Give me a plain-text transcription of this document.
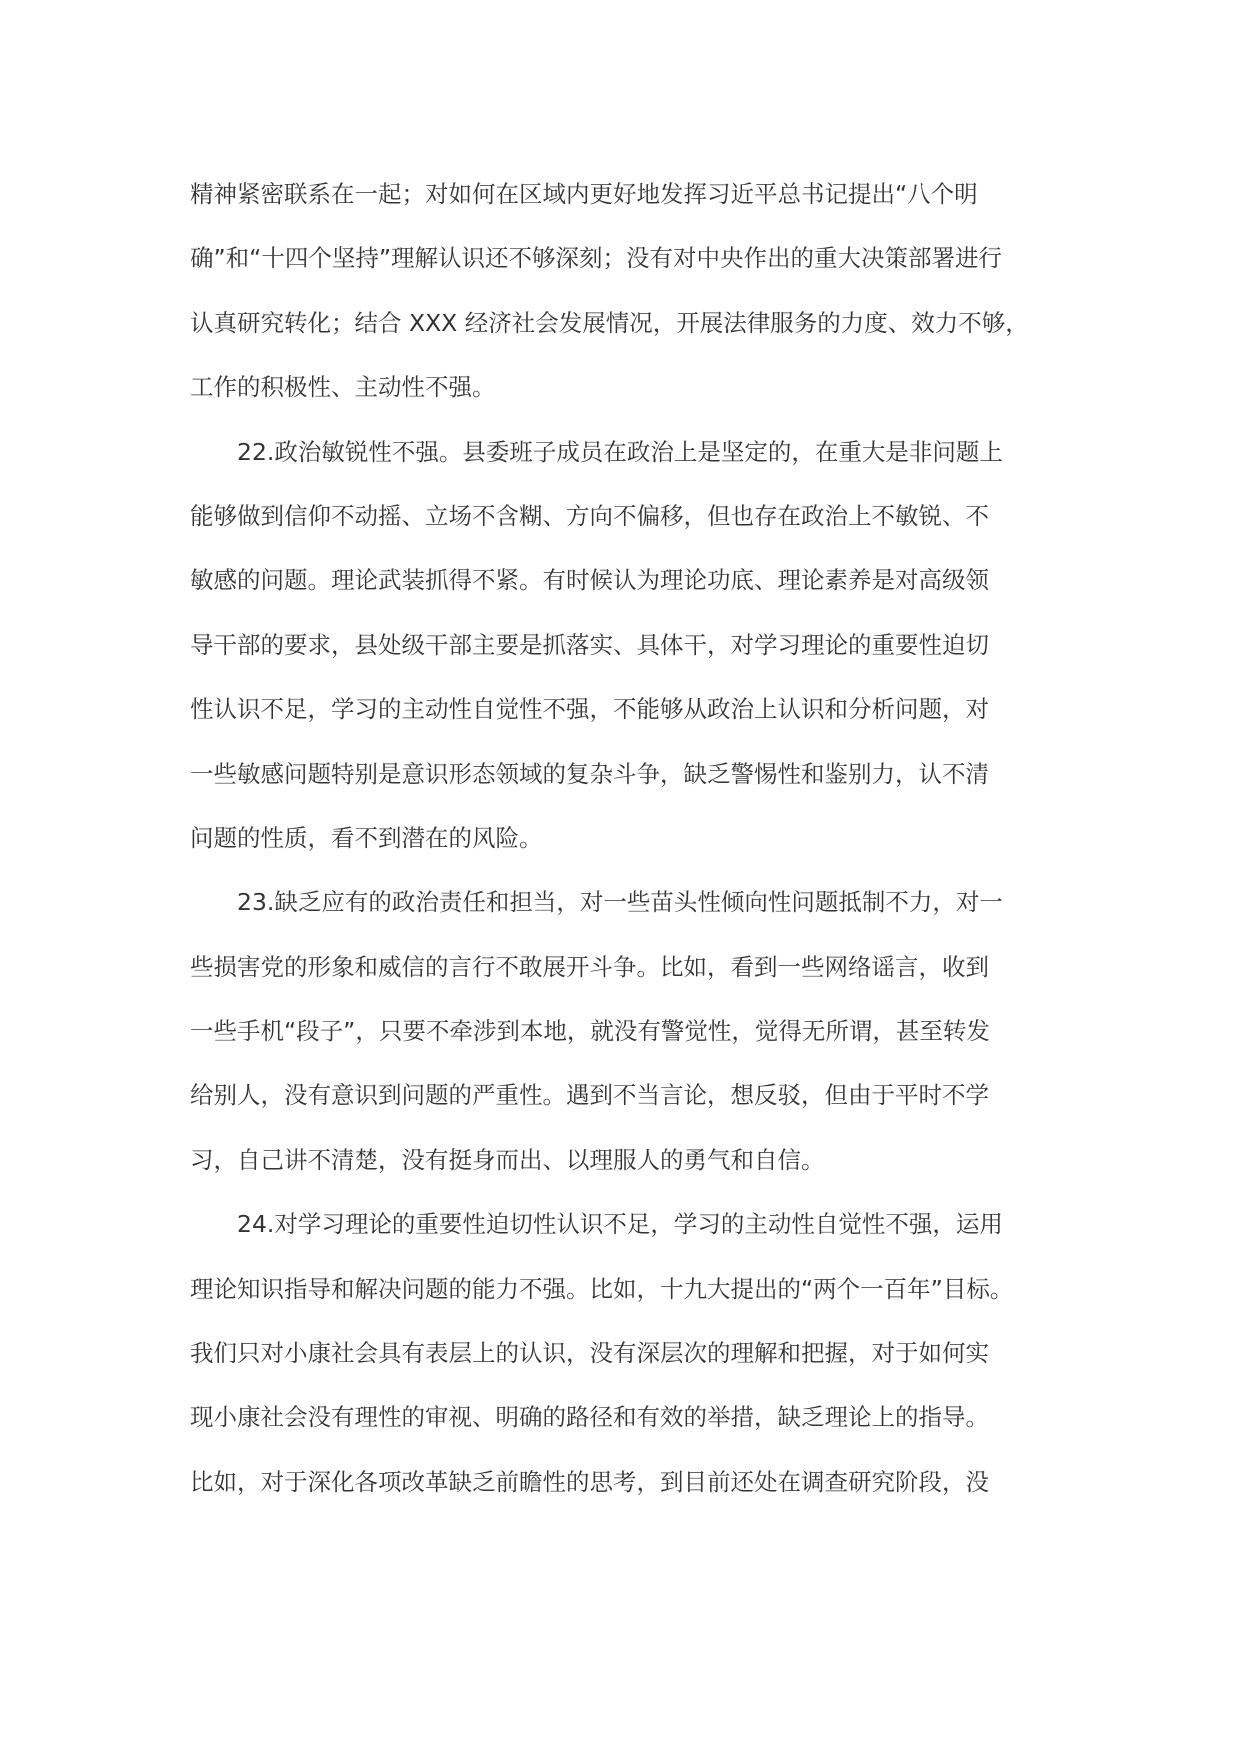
精神紧密联系在一起；对如何在区域内更好地发挥习近平总书记提出“八个明

确”和“十四个坚持”理解认识还不够深刻；没有对中央作出的重大决策部署进行

认真研究转化；结合 XXX 经济社会发展情况，开展法律服务的力度、效力不够，

工作的积极性、主动性不强。

22.政治敏锐性不强。县委班子成员在政治上是坚定的，在重大是非问题上

能够做到信仰不动摇、立场不含糊、方向不偏移，但也存在政治上不敏锐、不

敏感的问题。理论武装抓得不紧。有时候认为理论功底、理论素养是对高级领

导干部的要求，县处级干部主要是抓落实、具体干，对学习理论的重要性迫切

性认识不足，学习的主动性自觉性不强，不能够从政治上认识和分析问题，对

一些敏感问题特别是意识形态领域的复杂斗争，缺乏警惕性和鉴别力，认不清

问题的性质，看不到潜在的风险。

23.缺乏应有的政治责任和担当，对一些苗头性倾向性问题抵制不力，对一

些损害党的形象和威信的言行不敢展开斗争。比如，看到一些网络谣言，收到

一些手机“段子”，只要不牵涉到本地，就没有警觉性，觉得无所谓，甚至转发

给别人，没有意识到问题的严重性。遇到不当言论，想反驳，但由于平时不学

习，自己讲不清楚，没有挺身而出、以理服人的勇气和自信。

24.对学习理论的重要性迫切性认识不足，学习的主动性自觉性不强，运用

理论知识指导和解决问题的能力不强。比如，十九大提出的“两个一百年”目标。

我们只对小康社会具有表层上的认识，没有深层次的理解和把握，对于如何实

现小康社会没有理性的审视、明确的路径和有效的举措，缺乏理论上的指导。

比如，对于深化各项改革缺乏前瞻性的思考，到目前还处在调查研究阶段，没
